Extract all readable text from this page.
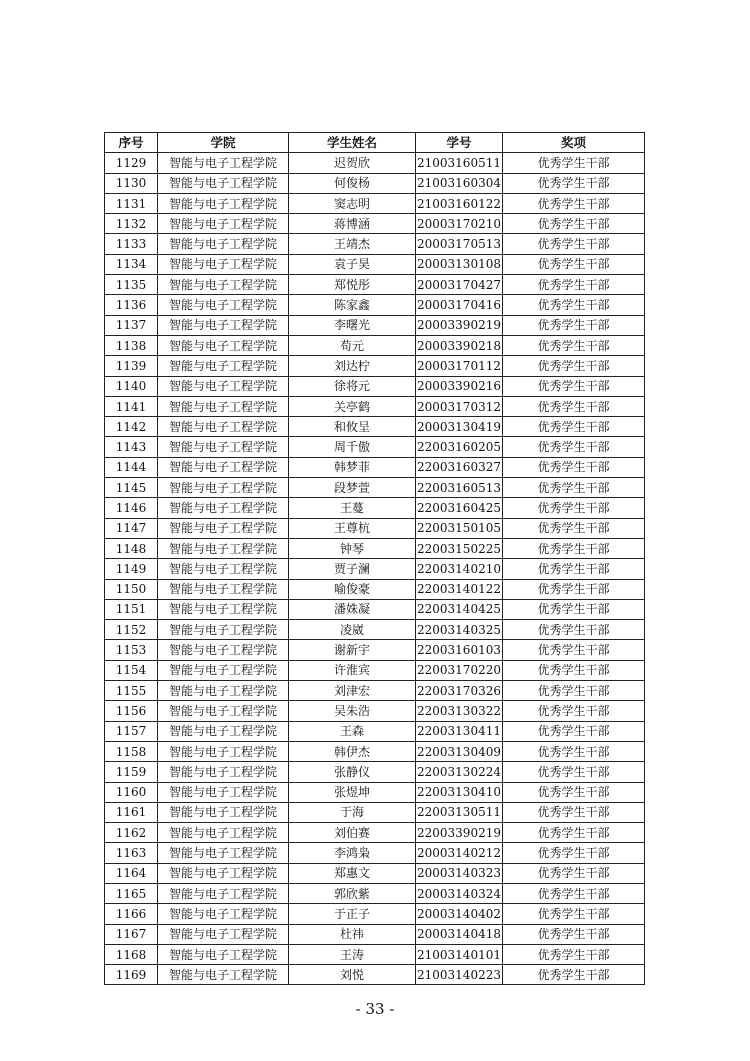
序号	学院	学生姓名	学号	奖项
1129	智能与电子工程学院	迟贺欣	21003160511	优秀学生干部
1130	智能与电子工程学院	何俊杨	21003160304	优秀学生干部
1131	智能与电子工程学院	窦志明	21003160122	优秀学生干部
1132	智能与电子工程学院	蒋博涵	20003170210	优秀学生干部
1133	智能与电子工程学院	王靖杰	20003170513	优秀学生干部
1134	智能与电子工程学院	袁子昊	20003130108	优秀学生干部
1135	智能与电子工程学院	郑悦彤	20003170427	优秀学生干部
1136	智能与电子工程学院	陈家鑫	20003170416	优秀学生干部
1137	智能与电子工程学院	李曙光	20003390219	优秀学生干部
1138	智能与电子工程学院	苟元	20003390218	优秀学生干部
1139	智能与电子工程学院	刘达柠	20003170112	优秀学生干部
1140	智能与电子工程学院	徐将元	20003390216	优秀学生干部
1141	智能与电子工程学院	关亭鹤	20003170312	优秀学生干部
1142	智能与电子工程学院	和攸呈	20003130419	优秀学生干部
1143	智能与电子工程学院	周千傲	22003160205	优秀学生干部
1144	智能与电子工程学院	韩梦菲	22003160327	优秀学生干部
1145	智能与电子工程学院	段梦萱	22003160513	优秀学生干部
1146	智能与电子工程学院	王蔓	22003160425	优秀学生干部
1147	智能与电子工程学院	王尊杭	22003150105	优秀学生干部
1148	智能与电子工程学院	钟琴	22003150225	优秀学生干部
1149	智能与电子工程学院	贾子澜	22003140210	优秀学生干部
1150	智能与电子工程学院	喻俊豪	22003140122	优秀学生干部
1151	智能与电子工程学院	潘姝凝	22003140425	优秀学生干部
1152	智能与电子工程学院	凌崴	22003140325	优秀学生干部
1153	智能与电子工程学院	谢新宇	22003160103	优秀学生干部
1154	智能与电子工程学院	许淮宾	22003170220	优秀学生干部
1155	智能与电子工程学院	刘津宏	22003170326	优秀学生干部
1156	智能与电子工程学院	吴朱浩	22003130322	优秀学生干部
1157	智能与电子工程学院	王森	22003130411	优秀学生干部
1158	智能与电子工程学院	韩伊杰	22003130409	优秀学生干部
1159	智能与电子工程学院	张静仪	22003130224	优秀学生干部
1160	智能与电子工程学院	张煜坤	22003130410	优秀学生干部
1161	智能与电子工程学院	于海	22003130511	优秀学生干部
1162	智能与电子工程学院	刘伯赛	22003390219	优秀学生干部
1163	智能与电子工程学院	李鸿枭	20003140212	优秀学生干部
1164	智能与电子工程学院	郑惠文	20003140323	优秀学生干部
1165	智能与电子工程学院	郭欣紫	20003140324	优秀学生干部
1166	智能与电子工程学院	于正子	20003140402	优秀学生干部
1167	智能与电子工程学院	杜祎	20003140418	优秀学生干部
1168	智能与电子工程学院	王涛	21003140101	优秀学生干部
1169	智能与电子工程学院	刘悦	21003140223	优秀学生干部
- 33 -
